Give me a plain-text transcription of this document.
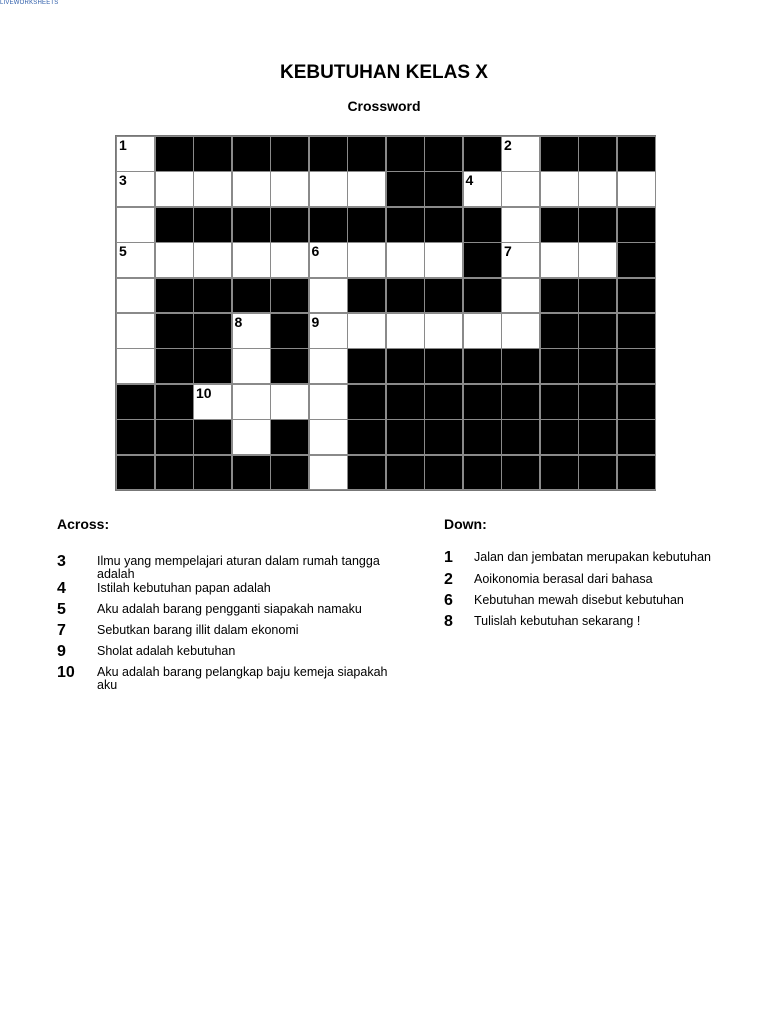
LIVEWORKSHEETS
KEBUTUHAN KELAS X
Crossword
1	2
3	4
5	6	7
8	9
10
Across:	Down:
3 Ilmu yang mempelajari aturan dalam rumah tangga adalah
4 Istilah kebutuhan papan adalah
5 Aku adalah barang pengganti siapakah namaku
7 Sebutkan barang illit dalam ekonomi
9 Sholat adalah kebutuhan
10 Aku adalah barang pelangkap baju kemeja siapakah aku
1 Jalan dan jembatan merupakan kebutuhan
2 Aoikonomia berasal dari bahasa
6 Kebutuhan mewah disebut kebutuhan
8 Tulislah kebutuhan sekarang !
